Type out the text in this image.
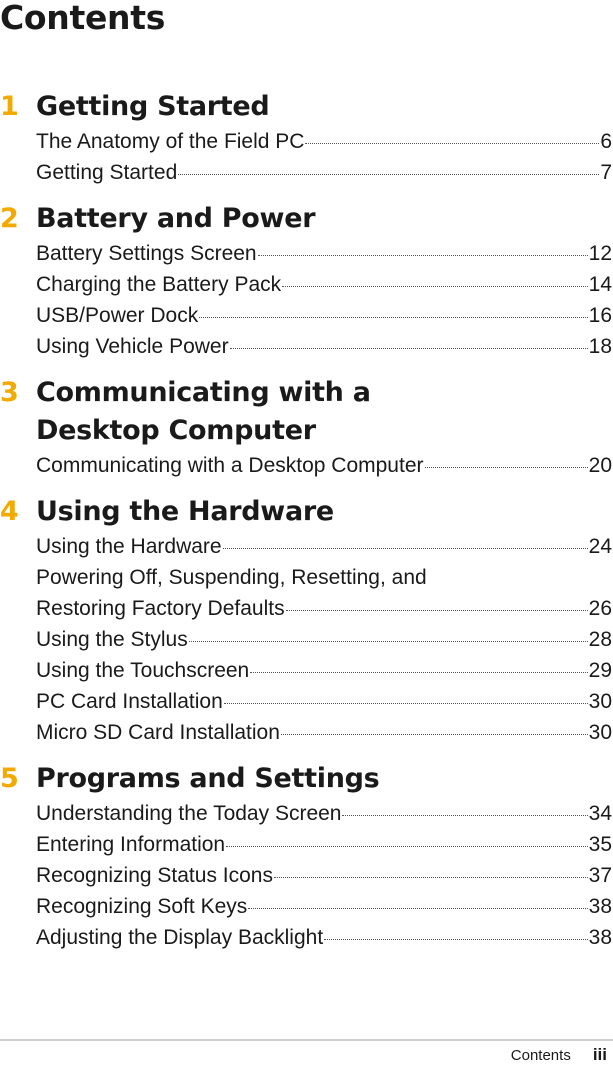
Contents
1 Getting Started
The Anatomy of the Field PC	6
Getting Started	7
2 Battery and Power
Battery Settings Screen	12
Charging the Battery Pack	14
USB/Power Dock	16
Using Vehicle Power	18
3 Communicating with a
Desktop Computer
Communicating with a Desktop Computer	20
4 Using the Hardware
Using the Hardware	24
Powering Off, Suspending, Resetting, and
Restoring Factory Defaults	26
Using the Stylus	28
Using the Touchscreen	29
PC Card Installation	30
Micro SD Card Installation	30
5 Programs and Settings
Understanding the Today Screen	34
Entering Information	35
Recognizing Status Icons	37
Recognizing Soft Keys	38
Adjusting the Display Backlight	38
Contents iii
